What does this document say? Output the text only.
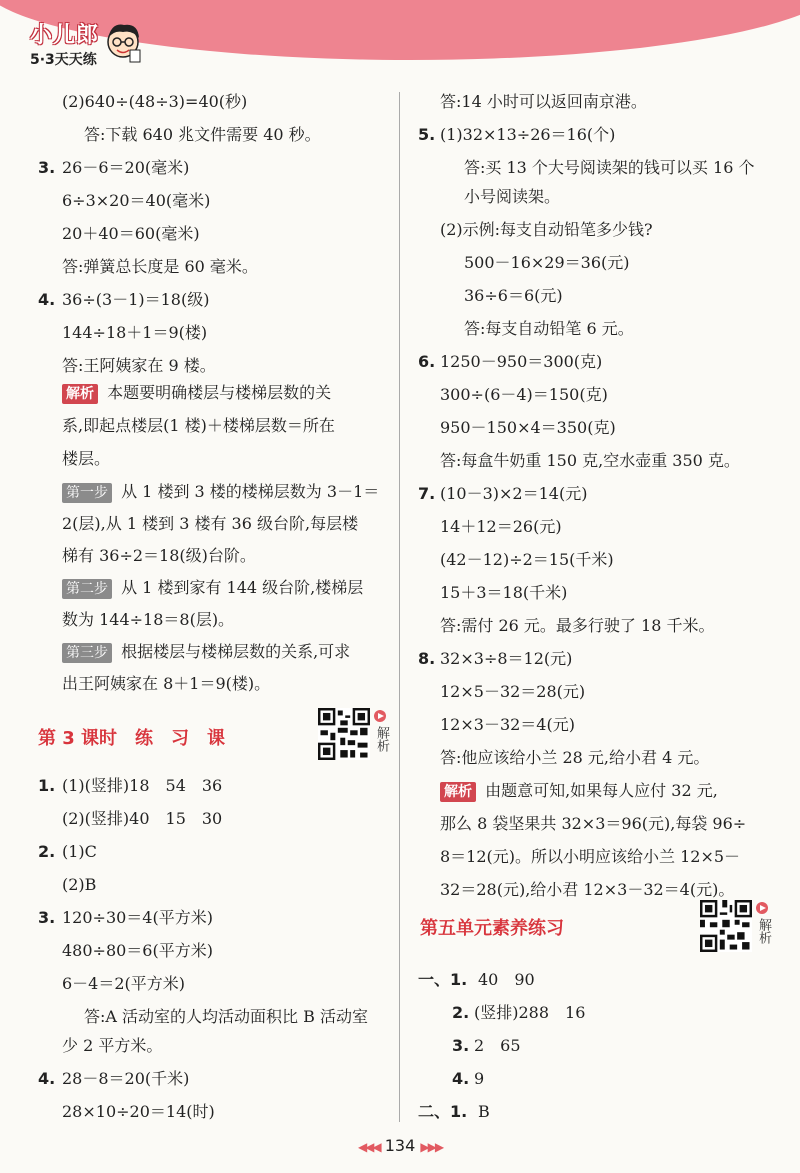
小儿郎
5·3天天练
(2)640÷(48÷3)=40(秒)
答:下载 640 兆文件需要 40 秒。
3. 26－6＝20(毫米)
6÷3×20＝40(毫米)
20＋40＝60(毫米)
答:弹簧总长度是 60 毫米。
4. 36÷(3－1)＝18(级)
144÷18＋1＝9(楼)
答:王阿姨家在 9 楼。
解析 本题要明确楼层与楼梯层数的关
系,即起点楼层(1 楼)＋楼梯层数＝所在
楼层。
第一步 从 1 楼到 3 楼的楼梯层数为 3－1＝
2(层),从 1 楼到 3 楼有 36 级台阶,每层楼
梯有 36÷2＝18(级)台阶。
第二步 从 1 楼到家有 144 级台阶,楼梯层
数为 144÷18＝8(层)。
第三步 根据楼层与楼梯层数的关系,可求
出王阿姨家在 8＋1＝9(楼)。
第 3 课时　练　习　课	解析
1. (1)(竖排)18　54　36
(2)(竖排)40　15　30
2. (1)C
(2)B
3. 120÷30＝4(平方米)
480÷80＝6(平方米)
6－4＝2(平方米)
答:A 活动室的人均活动面积比 B 活动室
少 2 平方米。
4. 28－8＝20(千米)
28×10÷20＝14(时)
答:14 小时可以返回南京港。
5. (1)32×13÷26＝16(个)
答:买 13 个大号阅读架的钱可以买 16 个
小号阅读架。
(2)示例:每支自动铅笔多少钱?
500－16×29＝36(元)
36÷6＝6(元)
答:每支自动铅笔 6 元。
6. 1250－950＝300(克)
300÷(6－4)＝150(克)
950－150×4＝350(克)
答:每盒牛奶重 150 克,空水壶重 350 克。
7. (10－3)×2＝14(元)
14＋12＝26(元)
(42－12)÷2＝15(千米)
15＋3＝18(千米)
答:需付 26 元。最多行驶了 18 千米。
8. 32×3÷8＝12(元)
12×5－32＝28(元)
12×3－32＝4(元)
答:他应该给小兰 28 元,给小君 4 元。
解析 由题意可知,如果每人应付 32 元,
那么 8 袋坚果共 32×3＝96(元),每袋 96÷
8＝12(元)。所以小明应该给小兰 12×5－
32＝28(元),给小君 12×3－32＝4(元)。
第五单元素养练习	解析
一、1. 40　90
2. (竖排)288　16
3. 2　65
4. 9
二、1. B
◀◀◀ 134 ▶▶▶
